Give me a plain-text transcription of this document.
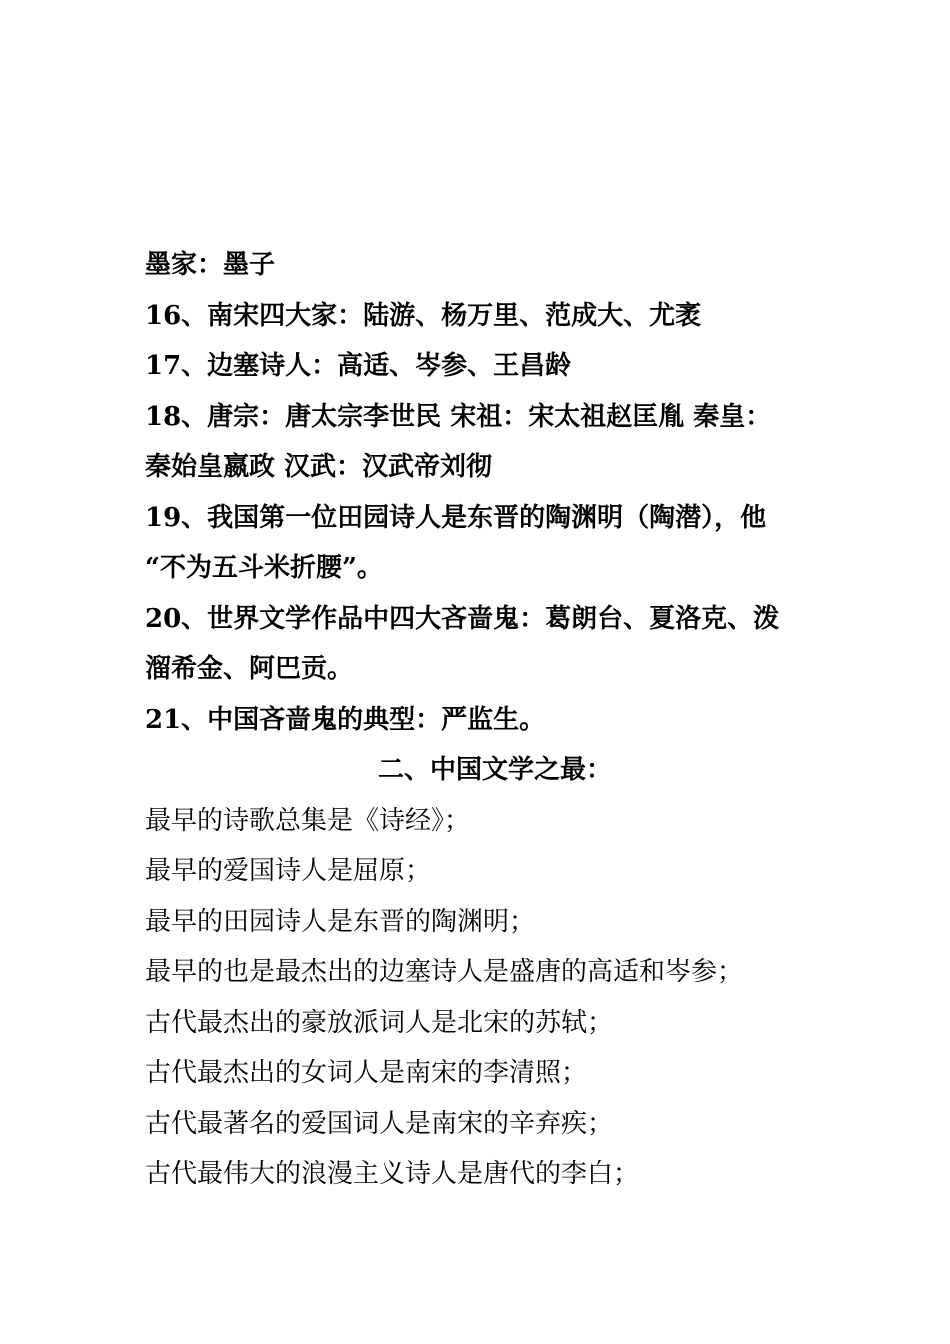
墨家：墨子
16、南宋四大家：陆游、杨万里、范成大、尤袤
17、边塞诗人：高适、岑参、王昌龄
18、唐宗：唐太宗李世民 宋祖：宋太祖赵匡胤 秦皇：
秦始皇嬴政 汉武：汉武帝刘彻
19、我国第一位田园诗人是东晋的陶渊明（陶潜），他
“不为五斗米折腰”。
20、世界文学作品中四大吝啬鬼：葛朗台、夏洛克、泼
溜希金、阿巴贡。
21、中国吝啬鬼的典型：严监生。
二、中国文学之最：
最早的诗歌总集是《诗经》；
最早的爱国诗人是屈原；
最早的田园诗人是东晋的陶渊明；
最早的也是最杰出的边塞诗人是盛唐的高适和岑参；
古代最杰出的豪放派词人是北宋的苏轼；
古代最杰出的女词人是南宋的李清照；
古代最著名的爱国词人是南宋的辛弃疾；
古代最伟大的浪漫主义诗人是唐代的李白；
